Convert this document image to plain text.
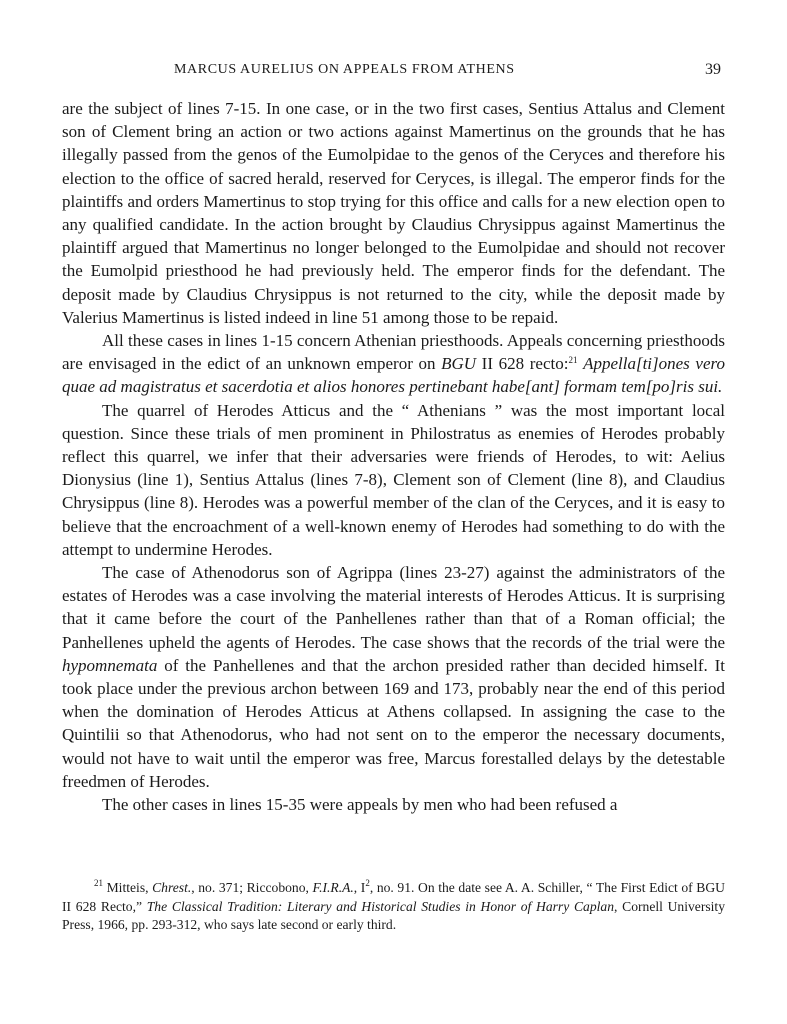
MARCUS AURELIUS ON APPEALS FROM ATHENS	39

are the subject of lines 7-15. In one case, or in the two first cases, Sentius Attalus and Clement son of Clement bring an action or two actions against Mamertinus on the grounds that he has illegally passed from the genos of the Eumolpidae to the genos of the Ceryces and therefore his election to the office of sacred herald, reserved for Ceryces, is illegal. The emperor finds for the plaintiffs and orders Mamertinus to stop trying for this office and calls for a new election open to any qualified candidate. In the action brought by Claudius Chrysippus against Mamertinus the plaintiff argued that Mamertinus no longer belonged to the Eumolpidae and should not recover the Eumolpid priesthood he had previously held. The emperor finds for the defendant. The deposit made by Claudius Chrysippus is not returned to the city, while the deposit made by Valerius Mamertinus is listed indeed in line 51 among those to be repaid.

All these cases in lines 1-15 concern Athenian priesthoods. Appeals concerning priesthoods are envisaged in the edict of an unknown emperor on BGU II 628 recto:$^{21}$ Appella[ti]ones vero quae ad magistratus et sacerdotia et alios honores pertinebant habe[ant] formam tem[po]ris sui.

The quarrel of Herodes Atticus and the “ Athenians ” was the most important local question. Since these trials of men prominent in Philostratus as enemies of Herodes probably reflect this quarrel, we infer that their adversaries were friends of Herodes, to wit: Aelius Dionysius (line 1), Sentius Attalus (lines 7-8), Clement son of Clement (line 8), and Claudius Chrysippus (line 8). Herodes was a powerful member of the clan of the Ceryces, and it is easy to believe that the encroachment of a well-known enemy of Herodes had something to do with the attempt to undermine Herodes.

The case of Athenodorus son of Agrippa (lines 23-27) against the administrators of the estates of Herodes was a case involving the material interests of Herodes Atticus. It is surprising that it came before the court of the Panhellenes rather than that of a Roman official; the Panhellenes upheld the agents of Herodes. The case shows that the records of the trial were the hypomnemata of the Panhellenes and that the archon presided rather than decided himself. It took place under the previous archon between 169 and 173, probably near the end of this period when the domination of Herodes Atticus at Athens collapsed. In assigning the case to the Quintilii so that Athenodorus, who had not sent on to the emperor the necessary documents, would not have to wait until the emperor was free, Marcus forestalled delays by the detestable freedmen of Herodes.

The other cases in lines 15-35 were appeals by men who had been refused a

$^{21}$ Mitteis, Chrest., no. 371; Riccobono, F.I.R.A., $I^2$, no. 91. On the date see A. A. Schiller, “ The First Edict of BGU II 628 Recto,” The Classical Tradition: Literary and Historical Studies in Honor of Harry Caplan, Cornell University Press, 1966, pp. 293-312, who says late second or early third.
